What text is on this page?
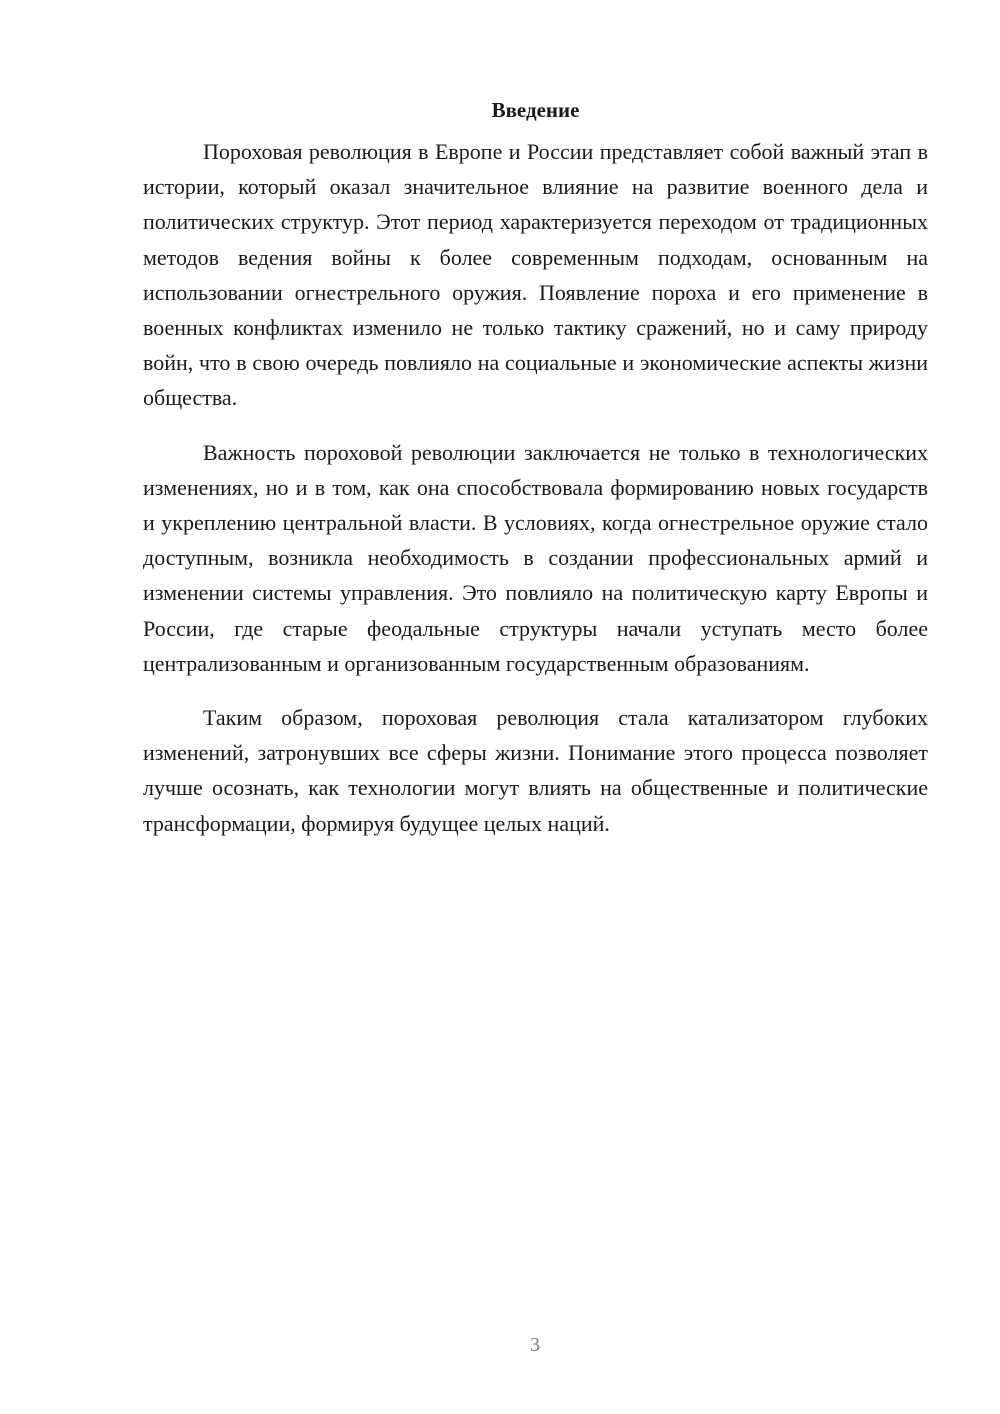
Введение

Пороховая революция в Европе и России представляет собой важный этап в истории, который оказал значительное влияние на развитие военного дела и политических структур. Этот период характеризуется переходом от традиционных методов ведения войны к более современным подходам, основанным на использовании огнестрельного оружия. Появление пороха и его применение в военных конфликтах изменило не только тактику сражений, но и саму природу войн, что в свою очередь повлияло на социальные и экономические аспекты жизни общества.

Важность пороховой революции заключается не только в технологических изменениях, но и в том, как она способствовала формированию новых государств и укреплению центральной власти. В условиях, когда огнестрельное оружие стало доступным, возникла необходимость в создании профессиональных армий и изменении системы управления. Это повлияло на политическую карту Европы и России, где старые феодальные структуры начали уступать место более централизованным и организованным государственным образованиям.

Таким образом, пороховая революция стала катализатором глубоких изменений, затронувших все сферы жизни. Понимание этого процесса позволяет лучше осознать, как технологии могут влиять на общественные и политические трансформации, формируя будущее целых наций.

3
